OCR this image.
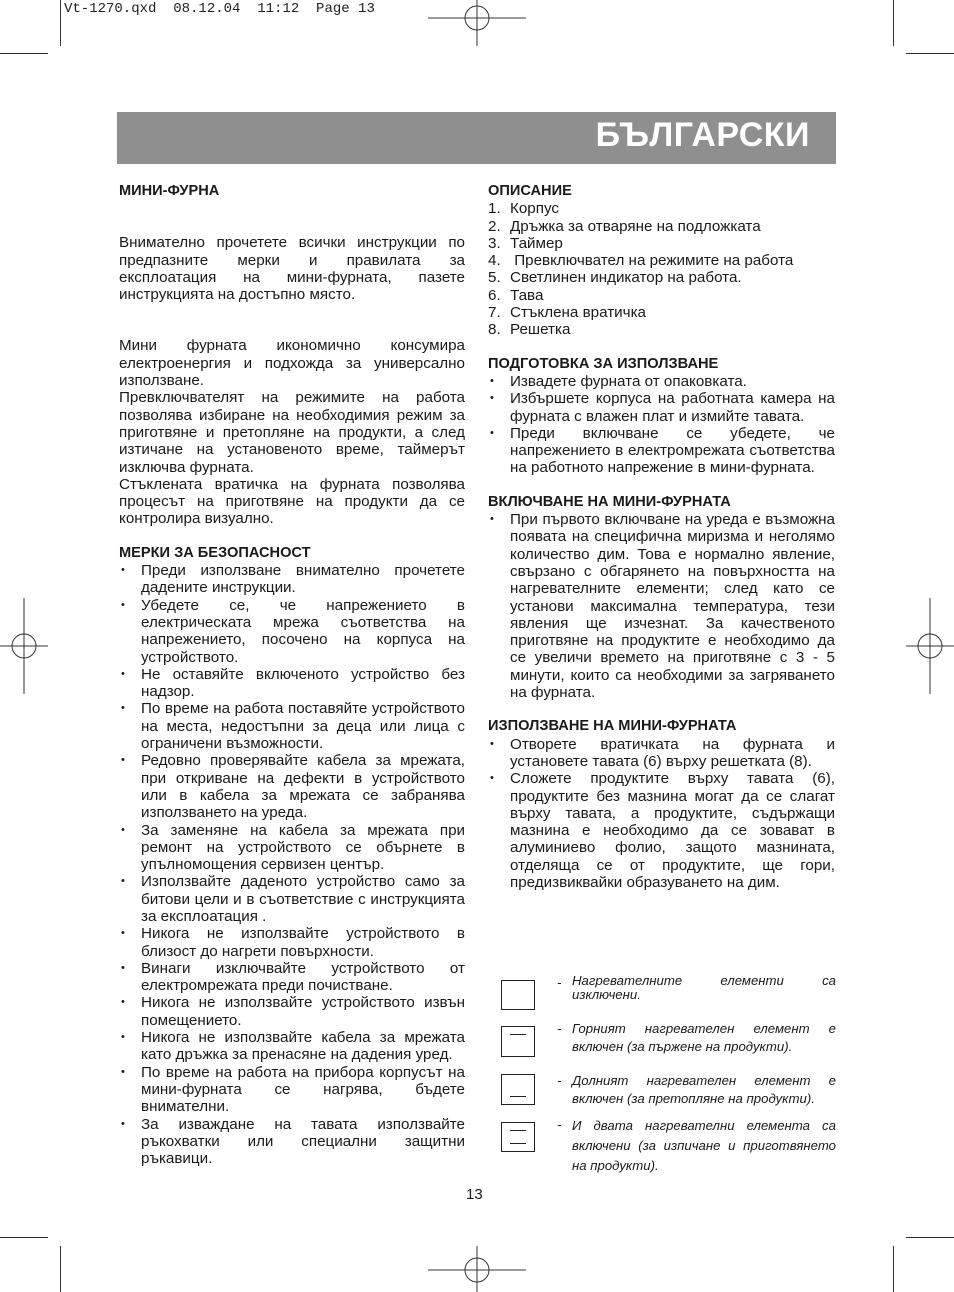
Vt-1270.qxd  08.12.04  11:12  Page 13
БЪЛГАРСКИ

МИНИ-ФУРНА

Внимателно прочетете всички инструкции по предпазните мерки и правилата за експлоатация на мини-фурната, пазете инструкцията на достъпно място.

Мини фурната икономично консумира електроенергия и подхожда за универсално използване.

Превключвателят на режимите на работа позволява избиране на необходимия режим за приготвяне и претопляне на продукти, а след изтичане на установеното време, таймерът изключва фурната.

Стъклената вратичка на фурната позволява процесът на приготвяне на продукти да се контролира визуално.

МЕРКИ ЗА БЕЗОПАСНОСТ

• Преди използване внимателно прочетете дадените инструкции.
• Убедете се, че напрежението в електрическата мрежа съответства на напрежението, посочено на корпуса на устройството.
• Не оставяйте включеното устройство без надзор.
• По време на работа поставяйте устройството на места, недостъпни за деца или лица с ограничени възможности.
• Редовно проверявайте кабела за мрежата, при откриване на дефекти в устройството или в кабела за мрежата се забранява използването на уреда.
• За заменяне на кабела за мрежата при ремонт на устройството се обърнете в упълномощения сервизен център.
• Използвайте даденото устройство само за битови цели и в съответствие с инструкцията за експлоатация .
• Никога не използвайте устройството в близост до нагрети повърхности.
• Винаги изключвайте устройството от електромрежата преди почистване.
• Никога не използвайте устройството извън помещението.
• Никога не използвайте кабела за мрежата като дръжка за пренасяне на дадения уред.
• По време на работа на прибора корпусът на мини-фурната се нагрява, бъдете внимателни.
• За изваждане на тавата използвайте ръкохватки или специални защитни ръкавици.

ОПИСАНИЕ

1. Корпус
2. Дръжка за отваряне на подложката
3. Таймер
4. Превключвател на режимите на работа
5. Светлинен индикатор на работа.
6. Тава
7. Стъклена вратичка
8. Решетка

ПОДГОТОВКА ЗА ИЗПОЛЗВАНЕ

• Извадете фурната от опаковката.
• Избършете корпуса на работната камера на фурната с влажен плат и измийте тавата.
• Преди включване се убедете, че напрежението в електромрежата съответства на работното напрежение в мини-фурната.

ВКЛЮЧВАНЕ НА МИНИ-ФУРНАТА

• При първото включване на уреда е възможна появата на специфична миризма и неголямо количество дим. Това е нормално явление, свързано с обгарянето на повърхността на нагревателните елементи; след като се установи максимална температура, тези явления ще изчезнат. За качественото приготвяне на продуктите е необходимо да се увеличи времето на приготвяне с 3 - 5 минути, които са необходими за загряването на фурната.

ИЗПОЛЗВАНЕ НА МИНИ-ФУРНАТА

• Отворете вратичката на фурната и установете тавата (6) върху решетката (8).
• Сложете продуктите върху тавата (6), продуктите без мазнина могат да се слагат върху тавата, а продуктите, съдържащи мазнина е необходимо да се зовават в алуминиево фолио, защото мазнината, отделяща се от продуктите, ще гори, предизвиквайки образуването на дим.
- Нагревателните елементи са изключени.
- Горният нагревателен елемент е включен (за пържене на продукти).
- Долният нагревателен елемент е включен (за претопляне на продукти).
- И двата нагревателни елемента са включени (за изпичане и приготвянето на продукти).
13
